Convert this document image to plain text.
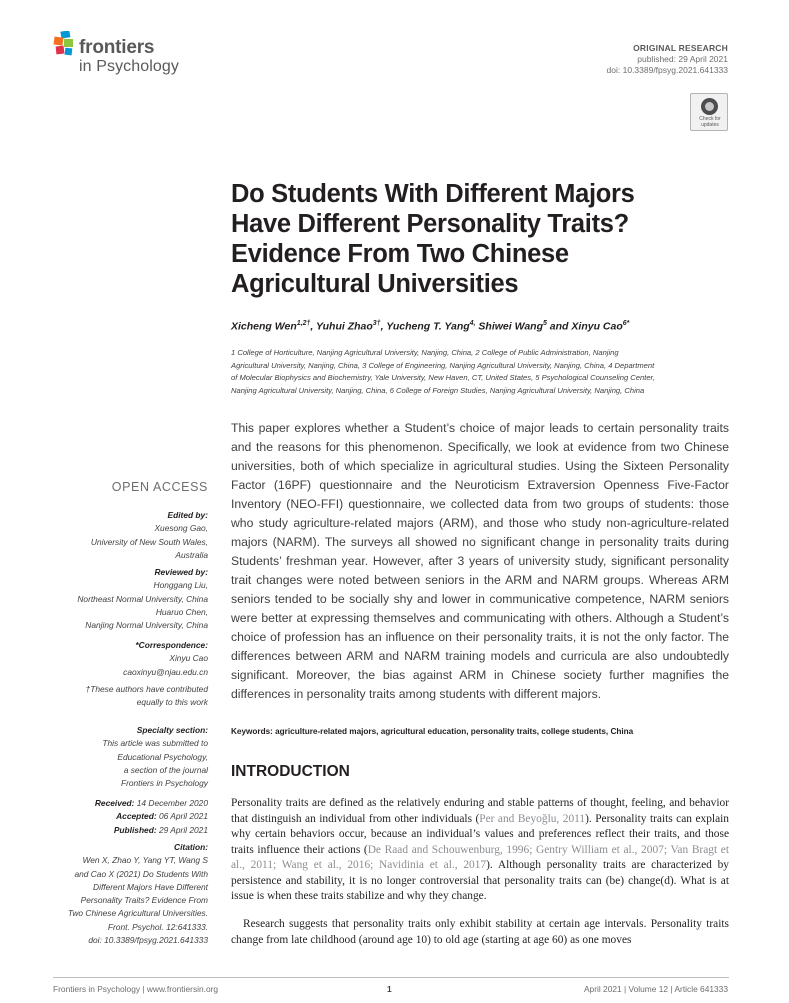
frontiers
in Psychology
ORIGINAL RESEARCH
published: 29 April 2021
doi: 10.3389/fpsyg.2021.641333
Check for updates
Do Students With Different Majors
Have Different Personality Traits?
Evidence From Two Chinese
Agricultural Universities
Xicheng Wen$^{1,2\dagger}$, Yuhui Zhao$^{3\dagger}$, Yucheng T. Yang$^{4,}$ Shiwei Wang$^5$ and Xinyu Cao$^{6*}$
1 College of Horticulture, Nanjing Agricultural University, Nanjing, China, 2 College of Public Administration, Nanjing
Agricultural University, Nanjing, China, 3 College of Engineering, Nanjing Agricultural University, Nanjing, China, 4 Department
of Molecular Biophysics and Biochemistry, Yale University, New Haven, CT, United States, 5 Psychological Counseling Center,
Nanjing Agricultural University, Nanjing, China, 6 College of Foreign Studies, Nanjing Agricultural University, Nanjing, China

This paper explores whether a Student’s choice of major leads to certain personality traits and the reasons for this phenomenon. Specifically, we look at evidence from two Chinese universities, both of which specialize in agricultural studies. Using the Sixteen Personality Factor (16PF) questionnaire and the Neuroticism Extraversion Openness Five-Factor Inventory (NEO-FFI) questionnaire, we collected data from two groups of students: those who study agriculture-related majors (ARM), and those who study non-agriculture-related majors (NARM). The surveys all showed no significant change in personality traits during Students’ freshman year. However, after 3 years of university study, significant personality trait changes were noted between seniors in the ARM and NARM groups. Whereas ARM seniors tended to be socially shy and lower in communicative competence, NARM seniors were better at expressing themselves and communicating with others. Although a Student’s choice of profession has an influence on their personality traits, it is not the only factor. The differences between ARM and NARM training models and curricula are also undoubtedly significant. Moreover, the bias against ARM in Chinese society further magnifies the differences in personality traits among students with different majors.

Keywords: agriculture-related majors, agricultural education, personality traits, college students, China

INTRODUCTION

Personality traits are defined as the relatively enduring and stable patterns of thought, feeling, and behavior that distinguish an individual from other individuals (Per and Beyoğlu, 2011). Personality traits can explain why certain behaviors occur, because an individual’s values and preferences reflect their traits, and those traits influence their actions (De Raad and Schouwenburg, 1996; Gentry William et al., 2007; Van Bragt et al., 2011; Wang et al., 2016; Navidinia et al., 2017). Although personality traits are characterized by persistence and stability, it is no longer controversial that personality traits can (be) change(d). What is at issue is when these traits stabilize and why they change.

Research suggests that personality traits only exhibit stability at certain age intervals. Personality traits change from late childhood (around age 10) to old age (starting at age 60) as one moves

OPEN ACCESS
Edited by:
Xuesong Gao,
University of New South Wales,
Australia
Reviewed by:
Honggang Liu,
Northeast Normal University, China
Huaruo Chen,
Nanjing Normal University, China
*Correspondence:
Xinyu Cao
caoxinyu@njau.edu.cn
†These authors have contributed
equally to this work
Specialty section:
This article was submitted to
Educational Psychology,
a section of the journal
Frontiers in Psychology
Received: 14 December 2020
Accepted: 06 April 2021
Published: 29 April 2021
Citation:
Wen X, Zhao Y, Yang YT, Wang S
and Cao X (2021) Do Students With
Different Majors Have Different
Personality Traits? Evidence From
Two Chinese Agricultural Universities.
Front. Psychol. 12:641333.
doi: 10.3389/fpsyg.2021.641333
Frontiers in Psychology | www.frontiersin.org	1	April 2021 | Volume 12 | Article 641333
